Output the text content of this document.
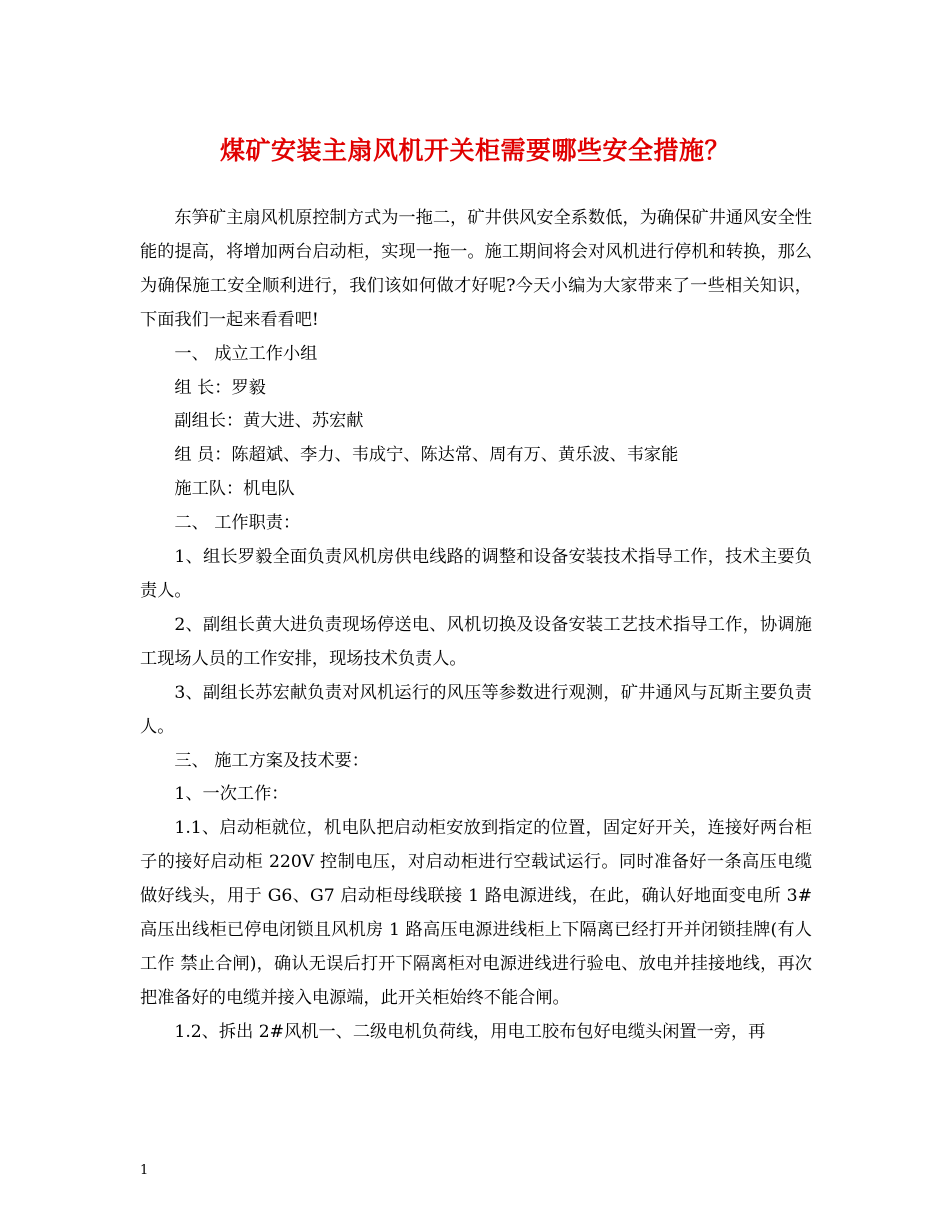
煤矿安装主扇风机开关柜需要哪些安全措施？

东笋矿主扇风机原控制方式为一拖二，矿井供风安全系数低，为确保矿井通风安全性能的提高，将增加两台启动柜，实现一拖一。施工期间将会对风机进行停机和转换，那么为确保施工安全顺利进行，我们该如何做才好呢?今天小编为大家带来了一些相关知识，下面我们一起来看看吧!

一、 成立工作小组

组 长：罗毅

副组长：黄大进、苏宏献

组 员：陈超斌、李力、韦成宁、陈达常、周有万、黄乐波、韦家能

施工队：机电队

二、 工作职责：

1、组长罗毅全面负责风机房供电线路的调整和设备安装技术指导工作，技术主要负责人。

2、副组长黄大进负责现场停送电、风机切换及设备安装工艺技术指导工作，协调施工现场人员的工作安排，现场技术负责人。

3、副组长苏宏献负责对风机运行的风压等参数进行观测，矿井通风与瓦斯主要负责人。

三、 施工方案及技术要：

1、一次工作：

1.1、启动柜就位，机电队把启动柜安放到指定的位置，固定好开关，连接好两台柜子的接好启动柜 220V 控制电压，对启动柜进行空载试运行。同时准备好一条高压电缆做好线头，用于 G6、G7 启动柜母线联接 1 路电源进线，在此，确认好地面变电所 3#高压出线柜已停电闭锁且风机房 1 路高压电源进线柜上下隔离已经打开并闭锁挂牌(有人工作 禁止合闸)，确认无误后打开下隔离柜对电源进线进行验电、放电并挂接地线，再次把准备好的电缆并接入电源端，此开关柜始终不能合闸。

1.2、拆出 2#风机一、二级电机负荷线，用电工胶布包好电缆头闲置一旁，再

1
